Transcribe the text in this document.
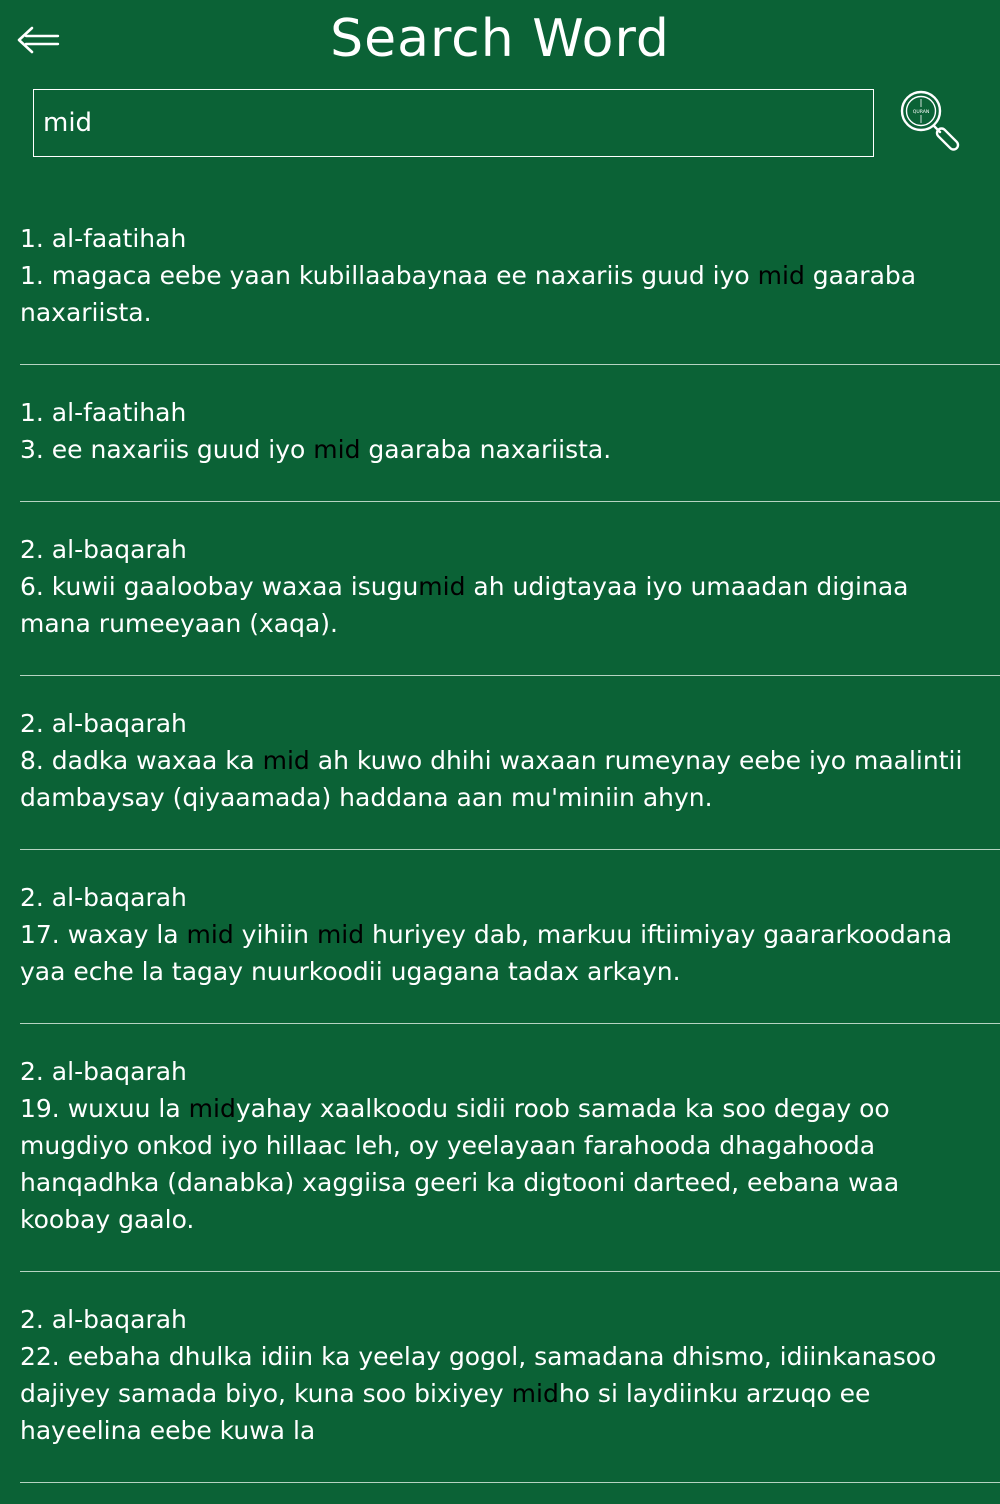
Search Word
mid
QURAN
1. al-faatihah
1. magaca eebe yaan kubillaabaynaa ee naxariis guud iyo mid gaaraba naxariista.
1. al-faatihah
3. ee naxariis guud iyo mid gaaraba naxariista.
2. al-baqarah
6. kuwii gaaloobay waxaa isugumid ah udigtayaa iyo umaadan diginaa mana rumeeyaan (xaqa).
2. al-baqarah
8. dadka waxaa ka mid ah kuwo dhihi waxaan rumeynay eebe iyo maalintii dambaysay (qiyaamada) haddana aan mu'miniin ahyn.
2. al-baqarah
17. waxay la mid yihiin mid huriyey dab, markuu iftiimiyay gaararkoodana yaa eche la tagay nuurkoodii ugagana tadax arkayn.
2. al-baqarah
19. wuxuu la midyahay xaalkoodu sidii roob samada ka soo degay oo mugdiyo onkod iyo hillaac leh, oy yeelayaan farahooda dhagahooda hanqadhka (danabka) xaggiisa geeri ka digtooni darteed, eebana waa koobay gaalo.
2. al-baqarah
22. eebaha dhulka idiin ka yeelay gogol, samadana dhismo, idiinkanasoo dajiyey samada biyo, kuna soo bixiyey midho si laydiinku arzuqo ee hayeelina eebe kuwa la
